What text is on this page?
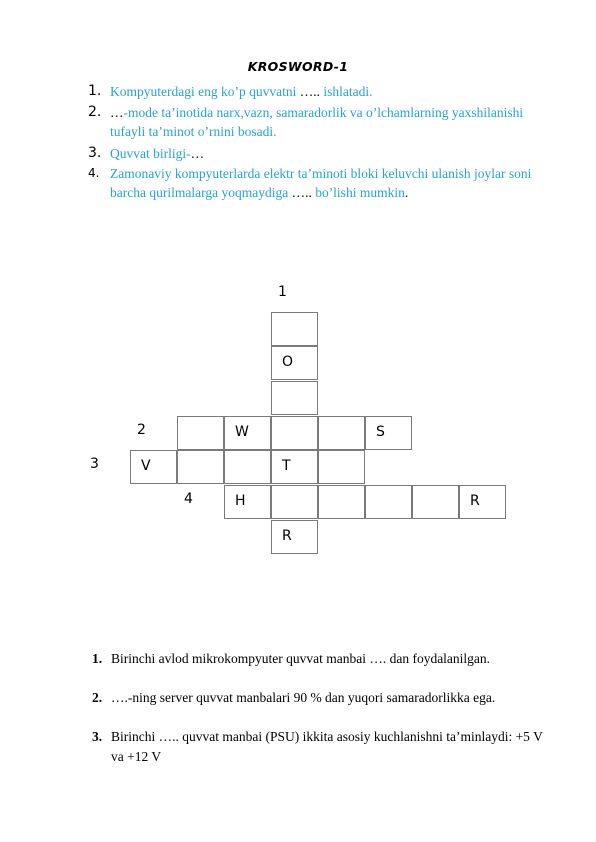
KROSWORD-1
1. Kompyuterdagi eng ko’p quvvatni ….. ishlatadi.
2. …-mode ta’inotida narx,vazn, samaradorlik va o’lchamlarning yaxshilanishi tufayli ta’minot o’rnini bosadi.
3. Quvvat birligi-…
4. Zamonaviy kompyuterlarda elektr ta’minoti bloki keluvchi ulanish joylar soni barcha qurilmalarga yoqmaydiga ….. bo’lishi mumkin.
1
2
3
4
O
W	S
V	T
H	R
R
1. Birinchi avlod mikrokompyuter quvvat manbai …. dan foydalanilgan.
2. ….-ning server quvvat manbalari 90 % dan yuqori samaradorlikka ega.
3. Birinchi ….. quvvat manbai (PSU) ikkita asosiy kuchlanishni ta’minlaydi: +5 V va +12 V
